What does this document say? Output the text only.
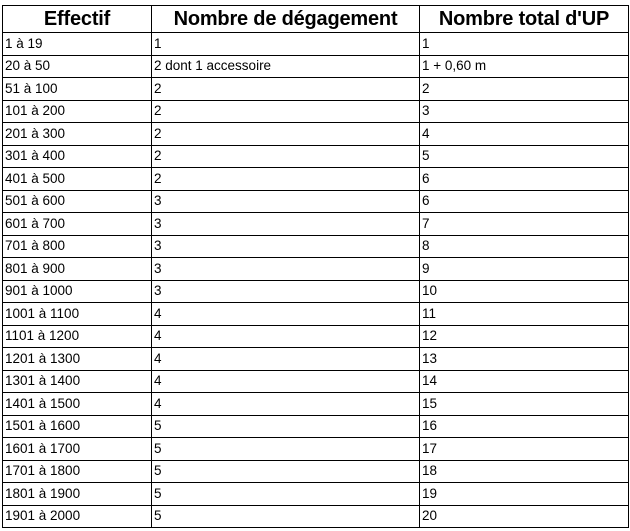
Effectif	Nombre de dégagement	Nombre total d'UP
1 à 19	1	1
20 à 50	2 dont 1 accessoire	1 + 0,60 m
51 à 100	2	2
101 à 200	2	3
201 à 300	2	4
301 à 400	2	5
401 à 500	2	6
501 à 600	3	6
601 à 700	3	7
701 à 800	3	8
801 à 900	3	9
901 à 1000	3	10
1001 à 1100	4	11
1101 à 1200	4	12
1201 à 1300	4	13
1301 à 1400	4	14
1401 à 1500	4	15
1501 à 1600	5	16
1601 à 1700	5	17
1701 à 1800	5	18
1801 à 1900	5	19
1901 à 2000	5	20
